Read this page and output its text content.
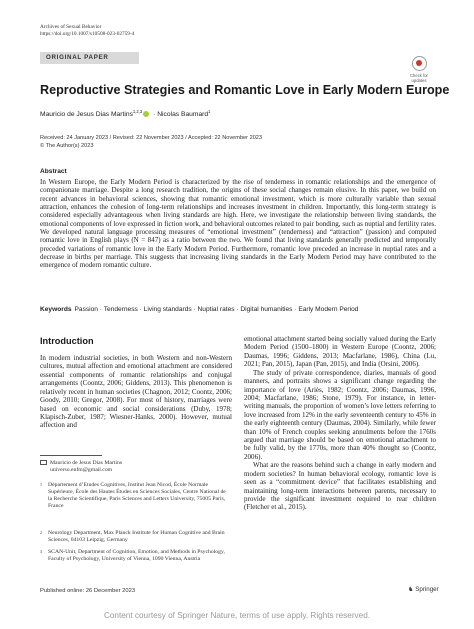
Archives of Sexual Behavior
https://doi.org/10.1007/s10508-023-02759-4
ORIGINAL PAPER
Check for
updates
Reproductive Strategies and Romantic Love in Early Modern Europe
Mauricio de Jesus Dias Martins$^{1,2,3}$ · Nicolas Baumard$^1$
Received: 24 January 2023 / Revised: 22 November 2023 / Accepted: 22 November 2023
© The Author(s) 2023
Abstract
In Western Europe, the Early Modern Period is characterized by the rise of tenderness in romantic relationships and the emergence of companionate marriage. Despite a long research tradition, the origins of these social changes remain elusive. In this paper, we build on recent advances in behavioral sciences, showing that romantic emotional investment, which is more culturally variable than sexual attraction, enhances the cohesion of long-term relationships and increases investment in children. Importantly, this long-term strategy is considered especially advantageous when living standards are high. Here, we investigate the relationship between living standards, the emotional components of love expressed in fiction work, and behavioral outcomes related to pair bonding, such as nuptial and fertility rates. We developed natural language processing measures of “emotional investment” (tenderness) and “attraction” (passion) and computed romantic love in English plays (N = 847) as a ratio between the two. We found that living standards generally predicted and temporally preceded variations of romantic love in the Early Modern Period. Furthermore, romantic love preceded an increase in nuptial rates and a decrease in births per marriage. This suggests that increasing living standards in the Early Modern Period may have contributed to the emergence of modern romantic culture.
Keywords Passion · Tenderness · Living standards · Nuptial rates · Digital humanities · Early Modern Period
Introduction
In modern industrial societies, in both Western and non-Western cultures, mutual affection and emotional attachment are considered essential components of romantic relationships and conjugal arrangements (Coontz, 2006; Giddens, 2013). This phenomenon is relatively recent in human societies (Chagnon, 2012; Coontz, 2006; Goody, 2010; Gregor, 2008). For most of history, marriages were based on economic and social considerations (Duby, 1978; Klapisch-Zuber, 1987; Wiesner-Hanks, 2000). However, mutual affection and
Mauricio de Jesus Dias Martins
universo.enfm@gmail.com
1 Département d’Etudes Cognitives, Institut Jean Nicod, École Normale Supérieure, École des Hautes Études en Sciences Sociales, Centre National de la Recherche Scientifique, Paris Sciences and Letters University, 75005 Paris, France
2 Neurology Department, Max Planck Institute for Human Cognitive and Brain Sciences, 04103 Leipzig, Germany
3 SCAN-Unit, Department of Cognition, Emotion, and Methods in Psychology, Faculty of Psychology, University of Vienna, 1090 Vienna, Austria

emotional attachment started being socially valued during the Early Modern Period (1500–1800) in Western Europe (Coontz, 2006; Daumas, 1996; Giddens, 2013; Macfarlane, 1986), China (Lu, 2021; Pan, 2015), Japan (Pan, 2015), and India (Orsini, 2006).

The study of private correspondence, diaries, manuals of good manners, and portraits shows a significant change regarding the importance of love (Ariès, 1982; Coontz, 2006; Daumas, 1996, 2004; Macfarlane, 1986; Stone, 1979). For instance, in letter-writing manuals, the proportion of women’s love letters referring to love increased from 12% in the early seventeenth century to 45% in the early eighteenth century (Daumas, 2004). Similarly, while fewer than 10% of French couples seeking annulments before the 1760s argued that marriage should be based on emotional attachment to be fully valid, by the 1770s, more than 40% thought so (Coontz, 2006).

What are the reasons behind such a change in early modern and modern societies? In human behavioral ecology, romantic love is seen as a “commitment device” that facilitates establishing and maintaining long-term interactions between parents, necessary to provide the significant investment required to rear children (Fletcher et al., 2015).

Published online: 26 December 2023	♞ Springer
Content courtesy of Springer Nature, terms of use apply. Rights reserved.
